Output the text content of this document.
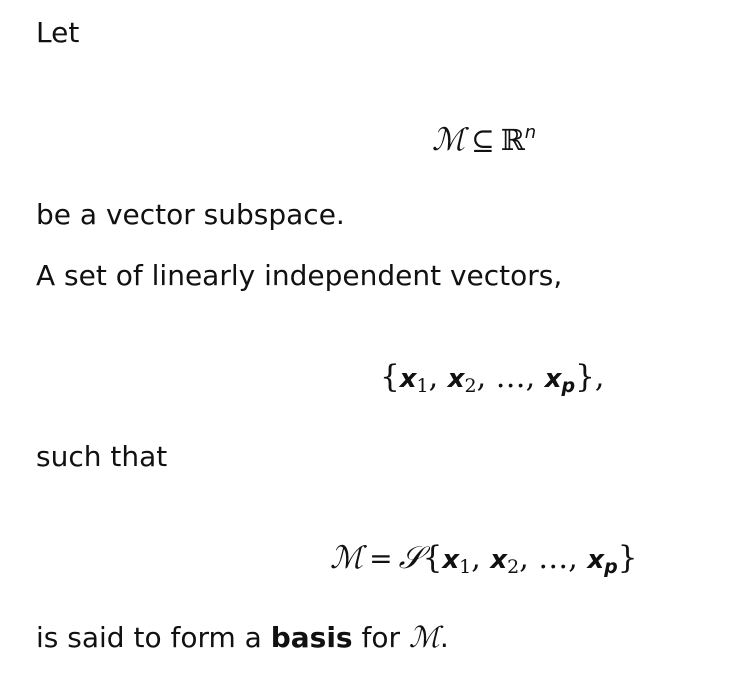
Let
ℳ ⊆ ℝ$^n$
be a vector subspace.
A set of linearly independent vectors,
{$x_1$, $x_2$, …, xp},
such that
ℳ = $𝒮\{x_1$, $x_2$, …, xp}
is said to form a basis for ℳ.
